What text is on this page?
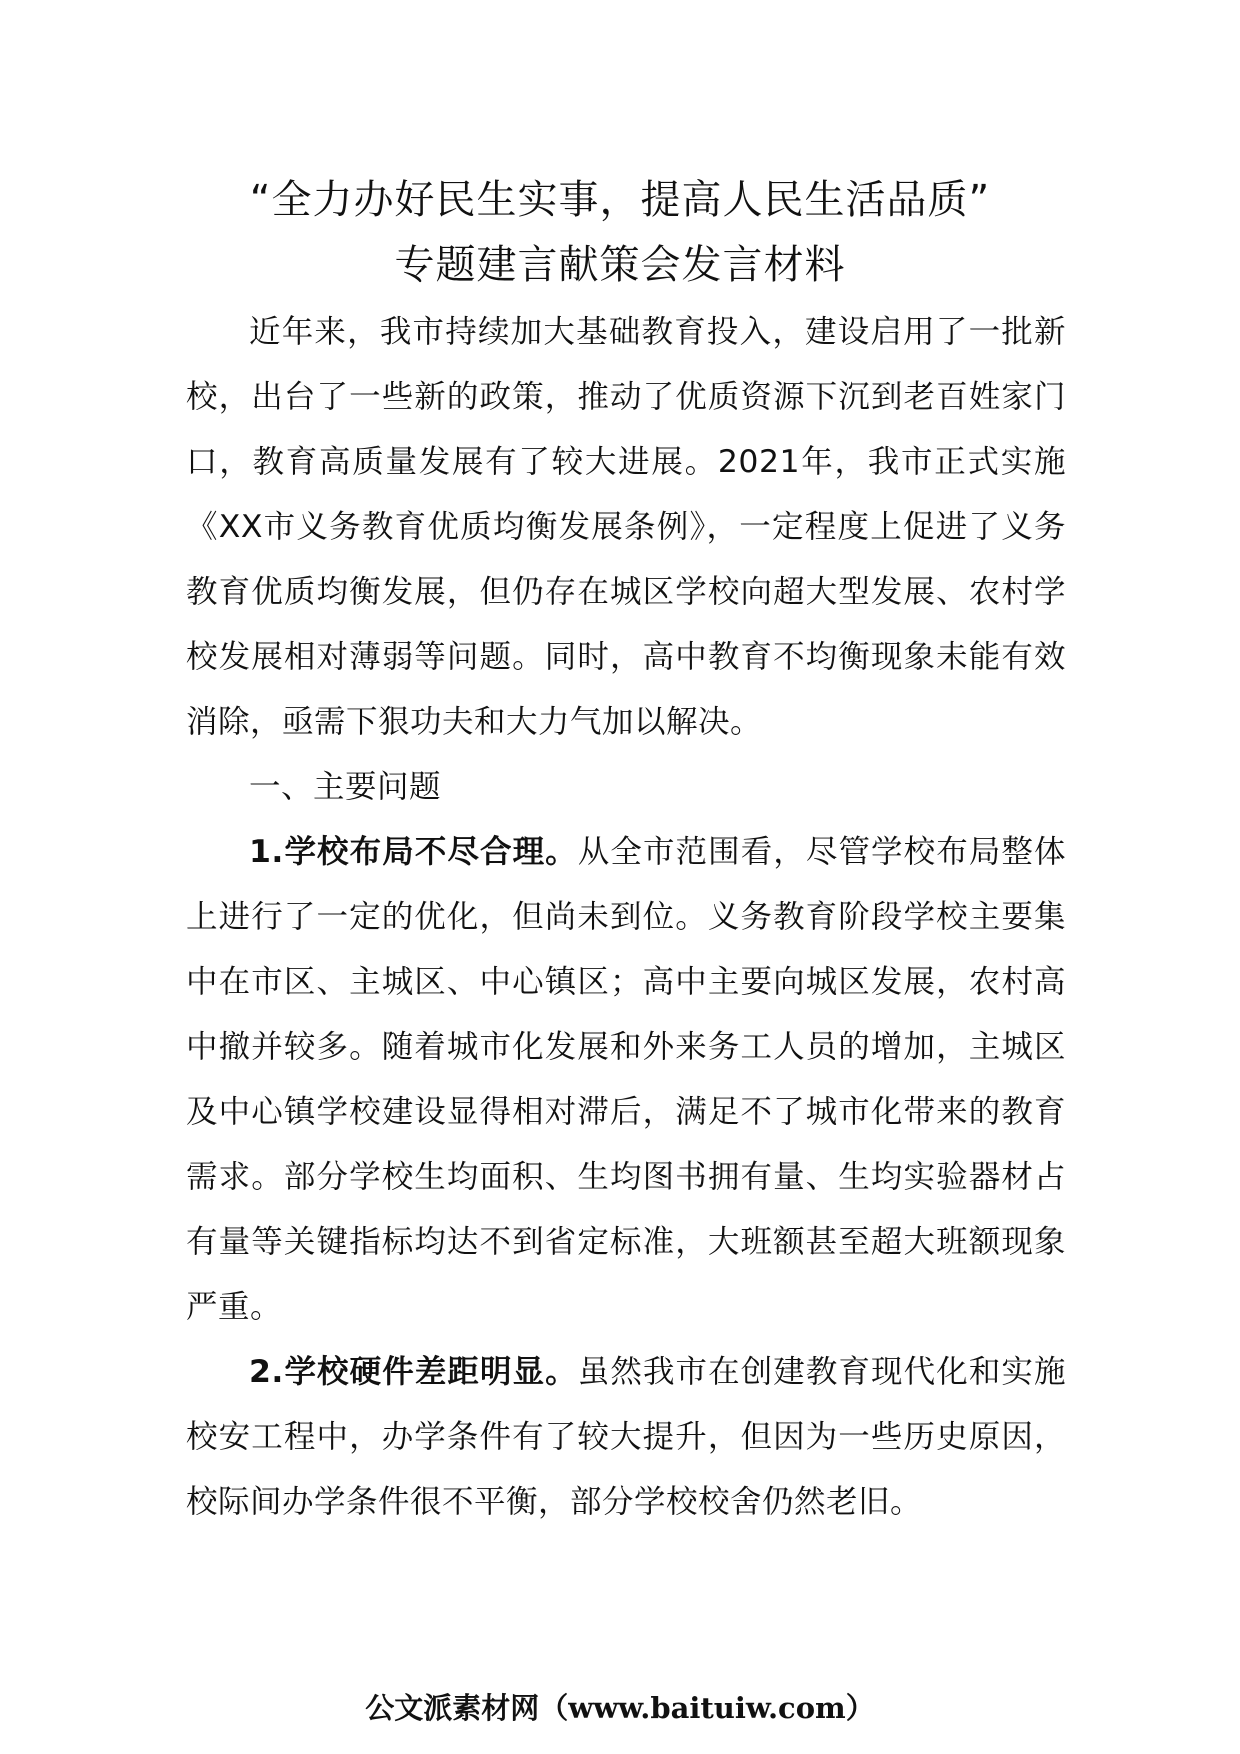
“全力办好民生实事，提高人民生活品质”
专题建言献策会发言材料

近年来，我市持续加大基础教育投入，建设启用了一批新校，出台了一些新的政策，推动了优质资源下沉到老百姓家门口，教育高质量发展有了较大进展。2021年，我市正式实施《XX市义务教育优质均衡发展条例》，一定程度上促进了义务教育优质均衡发展，但仍存在城区学校向超大型发展、农村学校发展相对薄弱等问题。同时，高中教育不均衡现象未能有效消除，亟需下狠功夫和大力气加以解决。

一、主要问题

1.学校布局不尽合理。从全市范围看，尽管学校布局整体上进行了一定的优化，但尚未到位。义务教育阶段学校主要集中在市区、主城区、中心镇区；高中主要向城区发展，农村高中撤并较多。随着城市化发展和外来务工人员的增加，主城区及中心镇学校建设显得相对滞后，满足不了城市化带来的教育需求。部分学校生均面积、生均图书拥有量、生均实验器材占有量等关键指标均达不到省定标准，大班额甚至超大班额现象严重。

2.学校硬件差距明显。虽然我市在创建教育现代化和实施校安工程中，办学条件有了较大提升，但因为一些历史原因，校际间办学条件很不平衡，部分学校校舍仍然老旧。

公文派素材网（www.baituiw.com）
